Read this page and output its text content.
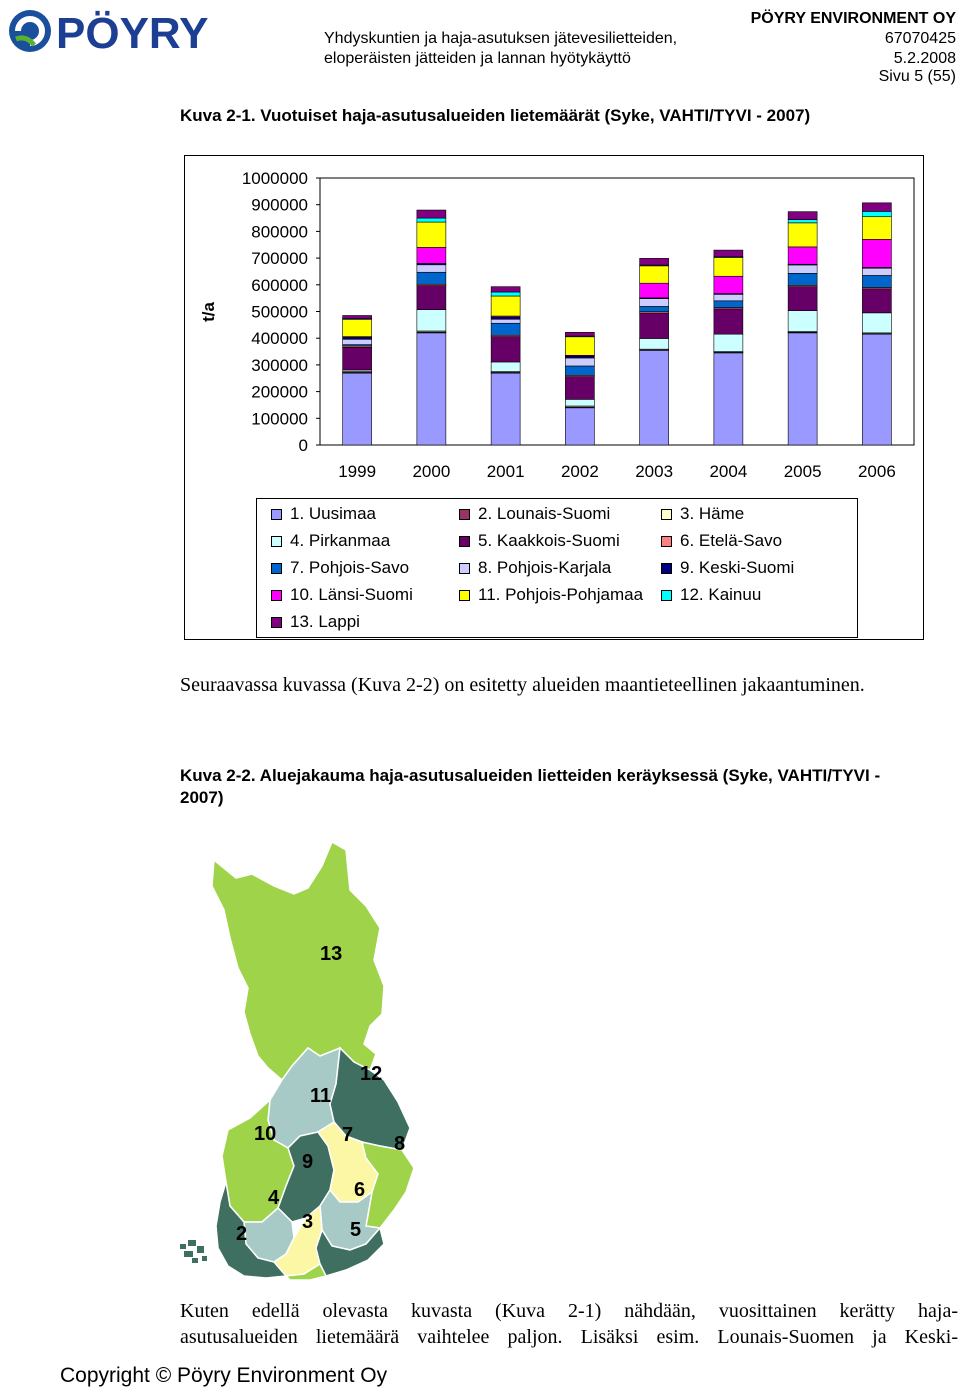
PÖYRY	Yhdyskuntien ja haja-asutuksen jätevesilietteiden,
eloperäisten jätteiden ja lannan hyötykäyttö
PÖYRY ENVIRONMENT OY
67070425
5.2.2008
Sivu 5 (55)
Kuva 2-1. Vuotuiset haja-asutusalueiden lietemäärät (Syke, VAHTI/TYVI - 2007)
1000000
900000
800000
700000
600000
500000
400000
300000
200000
100000
0
t/a
1999 2000 2001 2002 2003 2004 2005 2006
1. Uusimaa	2. Lounais-Suomi	3. Häme
4. Pirkanmaa	5. Kaakkois-Suomi	6. Etelä-Savo
7. Pohjois-Savo	8. Pohjois-Karjala	9. Keski-Suomi
10. Länsi-Suomi	11. Pohjois-Pohjamaa 12. Kainuu
13. Lappi
Seuraavassa kuvassa (Kuva 2-2) on esitetty alueiden maantieteellinen jakaantuminen.
Kuva 2-2. Aluejakauma haja-asutusalueiden lietteiden keräyksessä (Syke, VAHTI/TYVI -
2007)
13
11
12
10	7 8
9
4	6
2
3 5
Kuten edellä olevasta kuvasta (Kuva 2-1) nähdään, vuosittainen kerätty haja-
asutusalueiden lietemäärä vaihtelee paljon. Lisäksi esim. Lounais-Suomen ja Keski-
Copyright © Pöyry Environment Oy
